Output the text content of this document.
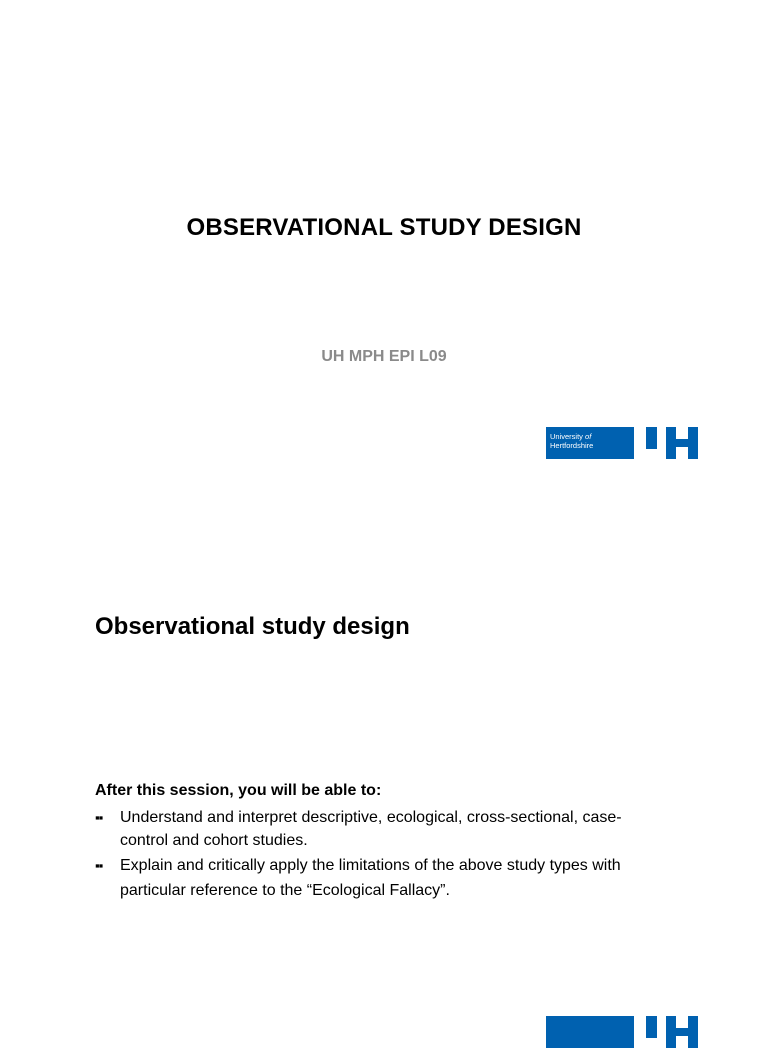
OBSERVATIONAL STUDY DESIGN
UH MPH EPI L09
University of
Hertfordshire
Observational study design
After this session, you will be able to:
▪▪ Understand and interpret descriptive, ecological, cross-sectional, case-control and cohort studies.
▪▪ Explain and critically apply the limitations of the above study types with particular reference to the “Ecological Fallacy”.
